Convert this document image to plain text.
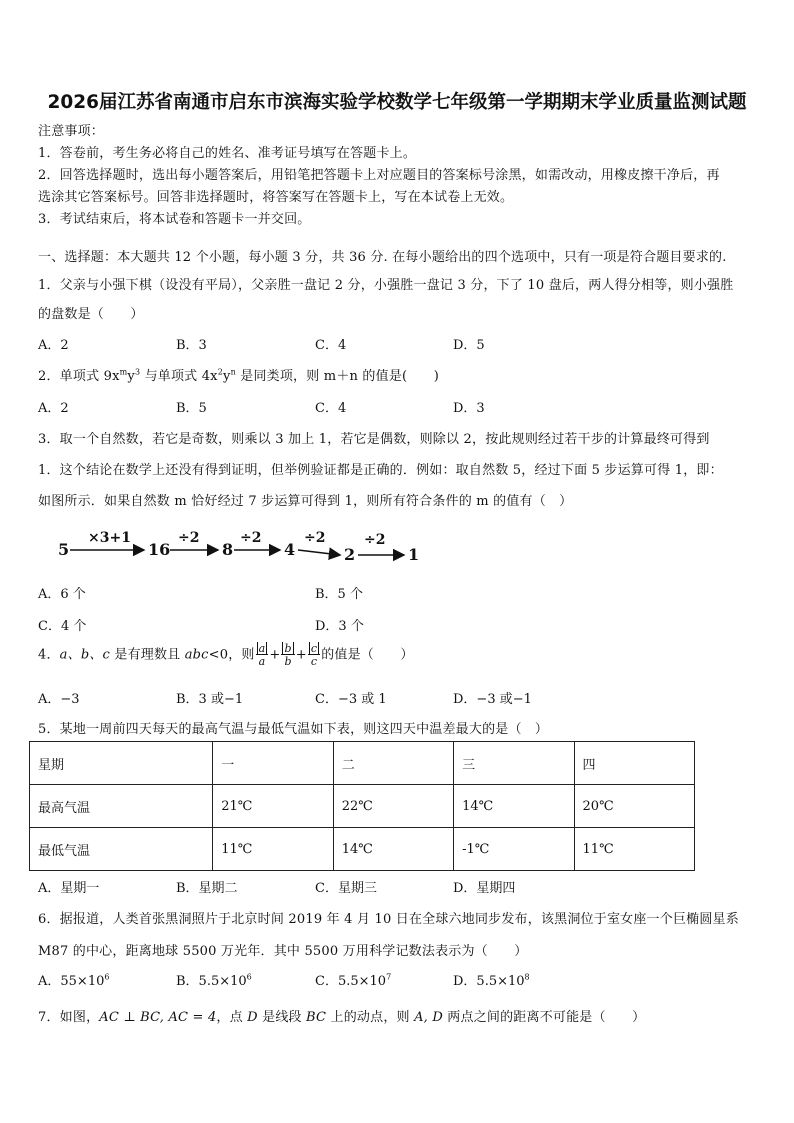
2026届江苏省南通市启东市滨海实验学校数学七年级第一学期期末学业质量监测试题
注意事项：
1．答卷前，考生务必将自己的姓名、准考证号填写在答题卡上。
2．回答选择题时，选出每小题答案后，用铅笔把答题卡上对应题目的答案标号涂黑，如需改动，用橡皮擦干净后，再
选涂其它答案标号。回答非选择题时，将答案写在答题卡上，写在本试卷上无效。
3．考试结束后，将本试卷和答题卡一并交回。
一、选择题：本大题共 12 个小题，每小题 3 分，共 36 分. 在每小题给出的四个选项中，只有一项是符合题目要求的.
1．父亲与小强下棋（设没有平局），父亲胜一盘记 2 分，小强胜一盘记 3 分，下了 10 盘后，两人得分相等，则小强胜
的盘数是（　　）
A．2	B．3	C．4	D．5
2．单项式 $9x^my^3$ 与单项式 $4x^2y^n$ 是同类项，则 m＋n 的值是(　　)
A．2	B．5	C．4	D．3
3．取一个自然数，若它是奇数，则乘以 3 加上 1，若它是偶数，则除以 2，按此规则经过若干步的计算最终可得到
1．这个结论在数学上还没有得到证明，但举例验证都是正确的．例如：取自然数 5，经过下面 5 步运算可得 1，即：
如图所示．如果自然数 m 恰好经过 7 步运算可得到 1，则所有符合条件的 m 的值有（　）
5
×3+1
16
÷2
8
÷2
4
÷2
2
÷2
1
A．6 个	B．5 个
C．4 个	D．3 个
4．a、b、c 是有理数且 abc<0，则 $\frac{a}{a} + \frac{b}{b} + \frac{c}{c}$ 的值是（　　）
A．−3	B．3 或−1	C．−3 或 1	D．−3 或−1
5．某地一周前四天每天的最高气温与最低气温如下表，则这四天中温差最大的是（　）
星期	一	二	三	四
最高气温	21℃	22℃	14℃	20℃
最低气温	11℃	14℃	-1℃	11℃
A．星期一	B．星期二	C．星期三	D．星期四
6．据报道，人类首张黑洞照片于北京时间 2019 年 4 月 10 日在全球六地同步发布，该黑洞位于室女座一个巨椭圆星系
M87 的中心，距离地球 5500 万光年．其中 5500 万用科学记数法表示为（　　）
A．$55\times 10^6$	B．$5.5\times 10^6$	C．$5.5\times 10^7$	D．$5.5\times 10^8$
7．如图，AC ⊥ BC, AC = 4，点 D 是线段 BC 上的动点，则 A, D 两点之间的距离不可能是（　　）
